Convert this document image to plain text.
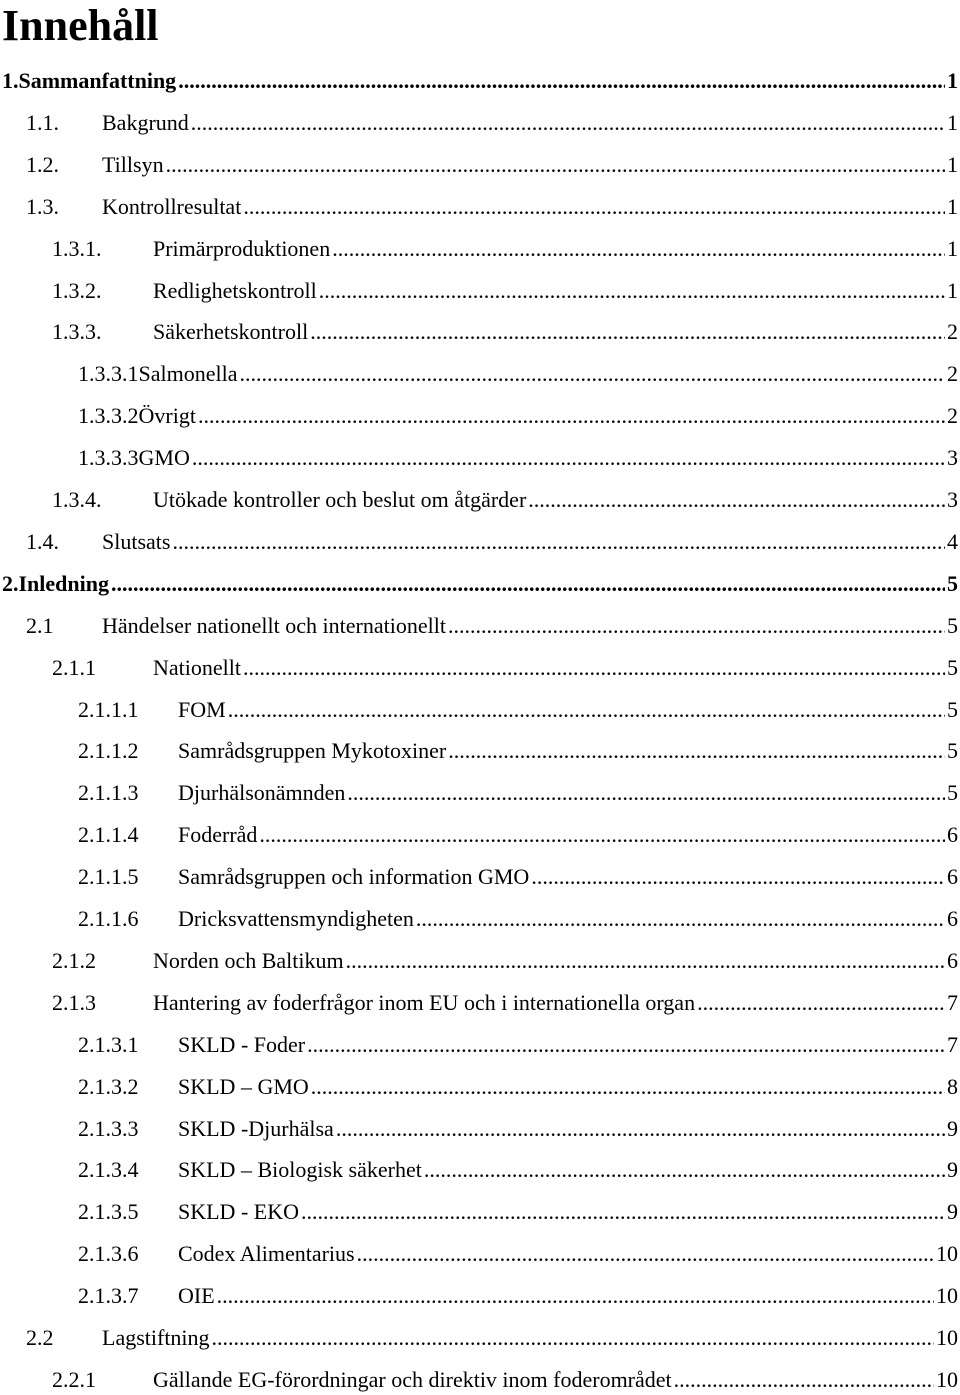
Innehåll
1. Sammanfattning .....	1
1.1.	Bakgrund .....	1
1.2.	Tillsyn .....	1
1.3.	Kontrollresultat .....	1
1.3.1.	Primärproduktionen .....	1
1.3.2.	Redlighetskontroll .....	1
1.3.3.	Säkerhetskontroll .....	2
1.3.3.1 Salmonella .....	2
1.3.3.2 Övrigt .....	2
1.3.3.3 GMO .....	3
1.3.4.	Utökade kontroller och beslut om åtgärder .....	3
1.4.	Slutsats .....	4
2. Inledning .....	5
2.1	Händelser nationellt och internationellt .....	5
2.1.1	Nationellt .....	5
2.1.1.1	FOM .....	5
2.1.1.2	Samrådsgruppen Mykotoxiner .....	5
2.1.1.3	Djurhälsonämnden .....	5
2.1.1.4	Foderråd .....	6
2.1.1.5	Samrådsgruppen och information GMO .....	6
2.1.1.6	Dricksvattensmyndigheten .....	6
2.1.2	Norden och Baltikum .....	6
2.1.3	Hantering av foderfrågor inom EU och i internationella organ .....	7
2.1.3.1	SKLD - Foder .....	7
2.1.3.2	SKLD – GMO .....	8
2.1.3.3	SKLD -Djurhälsa .....	9
2.1.3.4	SKLD – Biologisk säkerhet .....	9
2.1.3.5	SKLD - EKO .....	9
2.1.3.6	Codex Alimentarius .....	10
2.1.3.7	OIE .....	10
2.2	Lagstiftning .....	10
2.2.1	Gällande EG-förordningar och direktiv inom foderområdet .....	10
